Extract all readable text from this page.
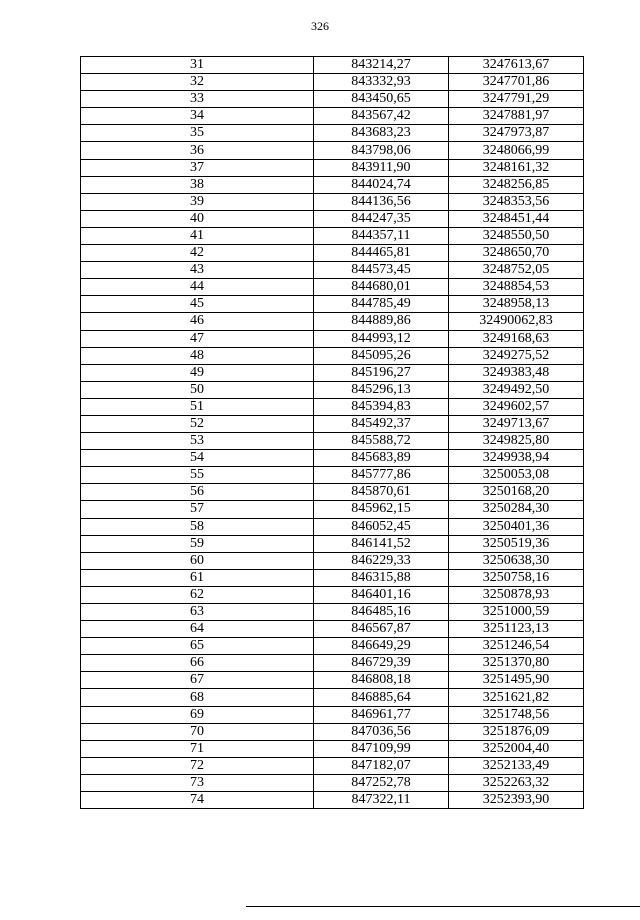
326
31	843214,27	3247613,67
32	843332,93	3247701,86
33	843450,65	3247791,29
34	843567,42	3247881,97
35	843683,23	3247973,87
36	843798,06	3248066,99
37	843911,90	3248161,32
38	844024,74	3248256,85
39	844136,56	3248353,56
40	844247,35	3248451,44
41	844357,11	3248550,50
42	844465,81	3248650,70
43	844573,45	3248752,05
44	844680,01	3248854,53
45	844785,49	3248958,13
46	844889,86	32490062,83
47	844993,12	3249168,63
48	845095,26	3249275,52
49	845196,27	3249383,48
50	845296,13	3249492,50
51	845394,83	3249602,57
52	845492,37	3249713,67
53	845588,72	3249825,80
54	845683,89	3249938,94
55	845777,86	3250053,08
56	845870,61	3250168,20
57	845962,15	3250284,30
58	846052,45	3250401,36
59	846141,52	3250519,36
60	846229,33	3250638,30
61	846315,88	3250758,16
62	846401,16	3250878,93
63	846485,16	3251000,59
64	846567,87	3251123,13
65	846649,29	3251246,54
66	846729,39	3251370,80
67	846808,18	3251495,90
68	846885,64	3251621,82
69	846961,77	3251748,56
70	847036,56	3251876,09
71	847109,99	3252004,40
72	847182,07	3252133,49
73	847252,78	3252263,32
74	847322,11	3252393,90
